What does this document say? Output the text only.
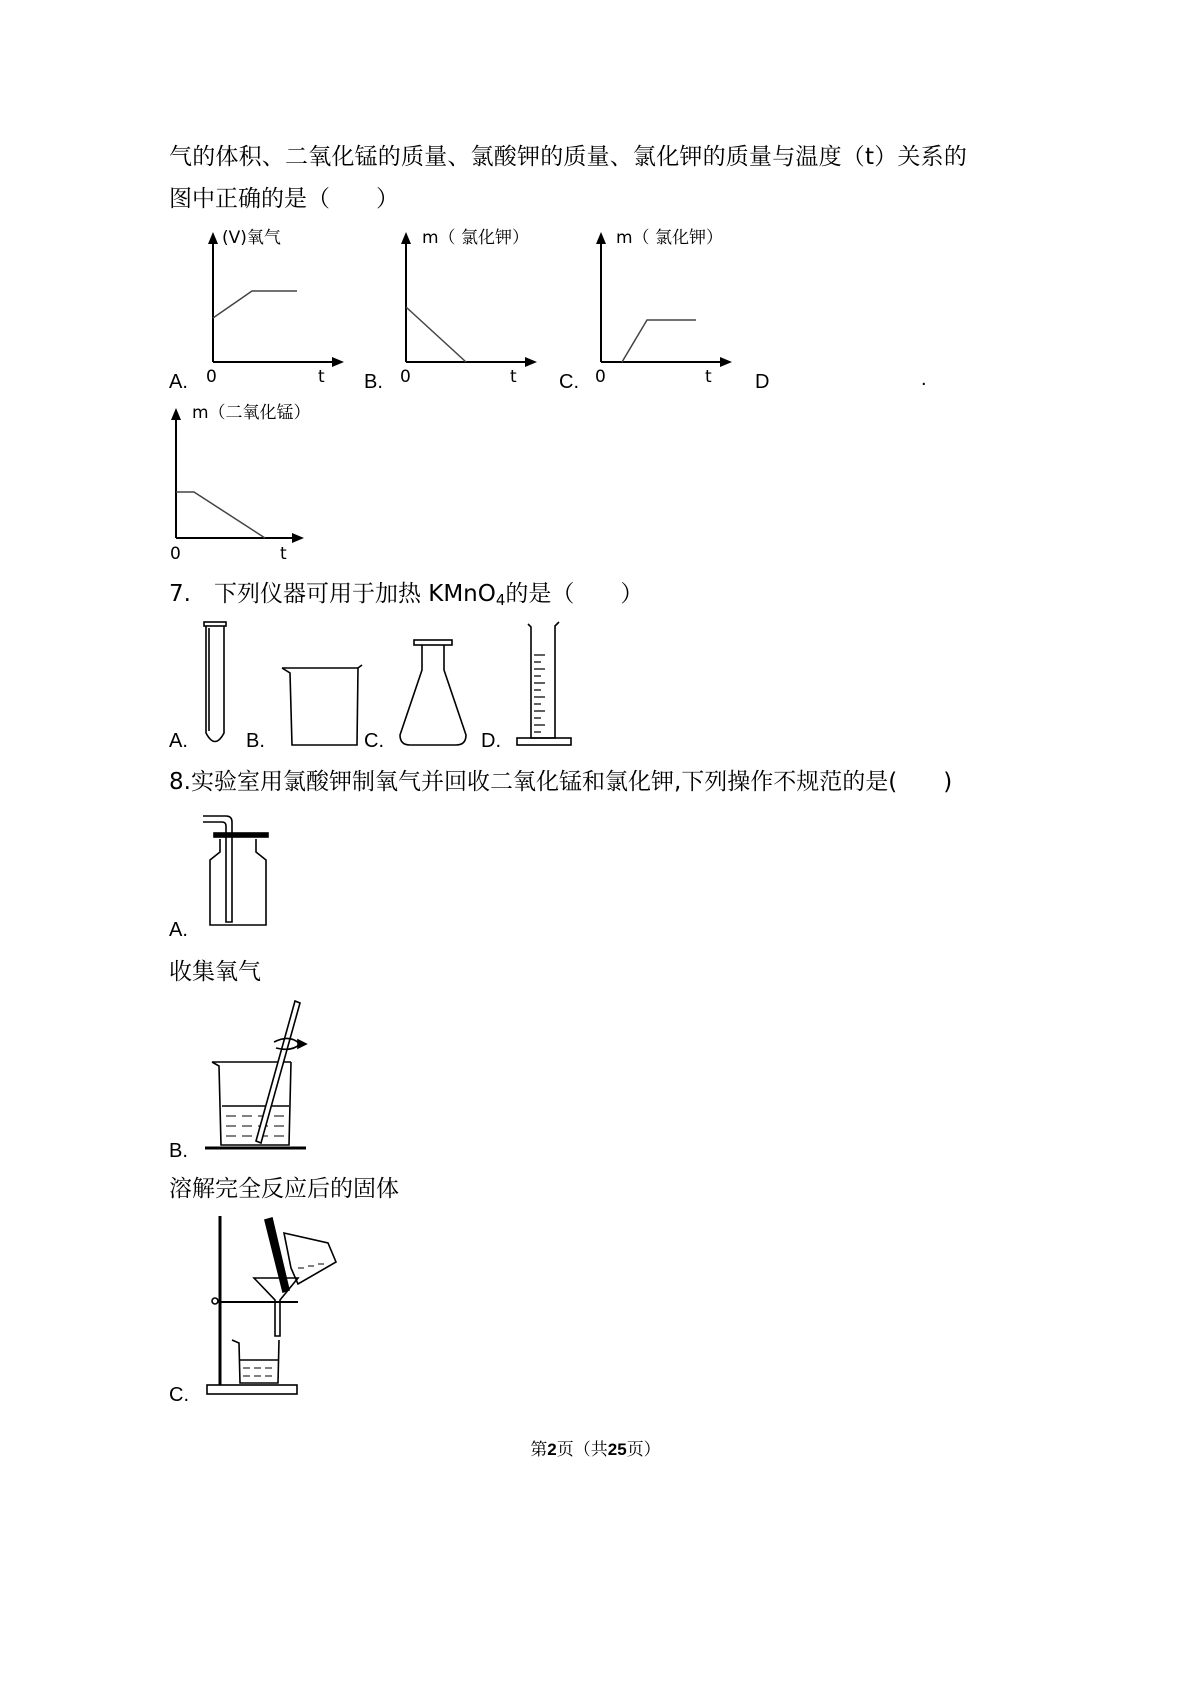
气的体积、二氧化锰的质量、氯酸钾的质量、氯化钾的质量与温度（t）关系的
图中正确的是（　　）
(V)氧气
0	t
A.
m（ 氯化钾）
0	t
B.
m（ 氯化钾）
0	t
C.	D	.
m（二氧化锰）
0	t
7.　下列仪器可用于加热 KMnO4的是（　　）
A.	B.	C.	D.
8.实验室用氯酸钾制氧气并回收二氧化锰和氯化钾,下列操作不规范的是(　　)
A.
收集氧气
B.
溶解完全反应后的固体
C.
第2页（共25页）
